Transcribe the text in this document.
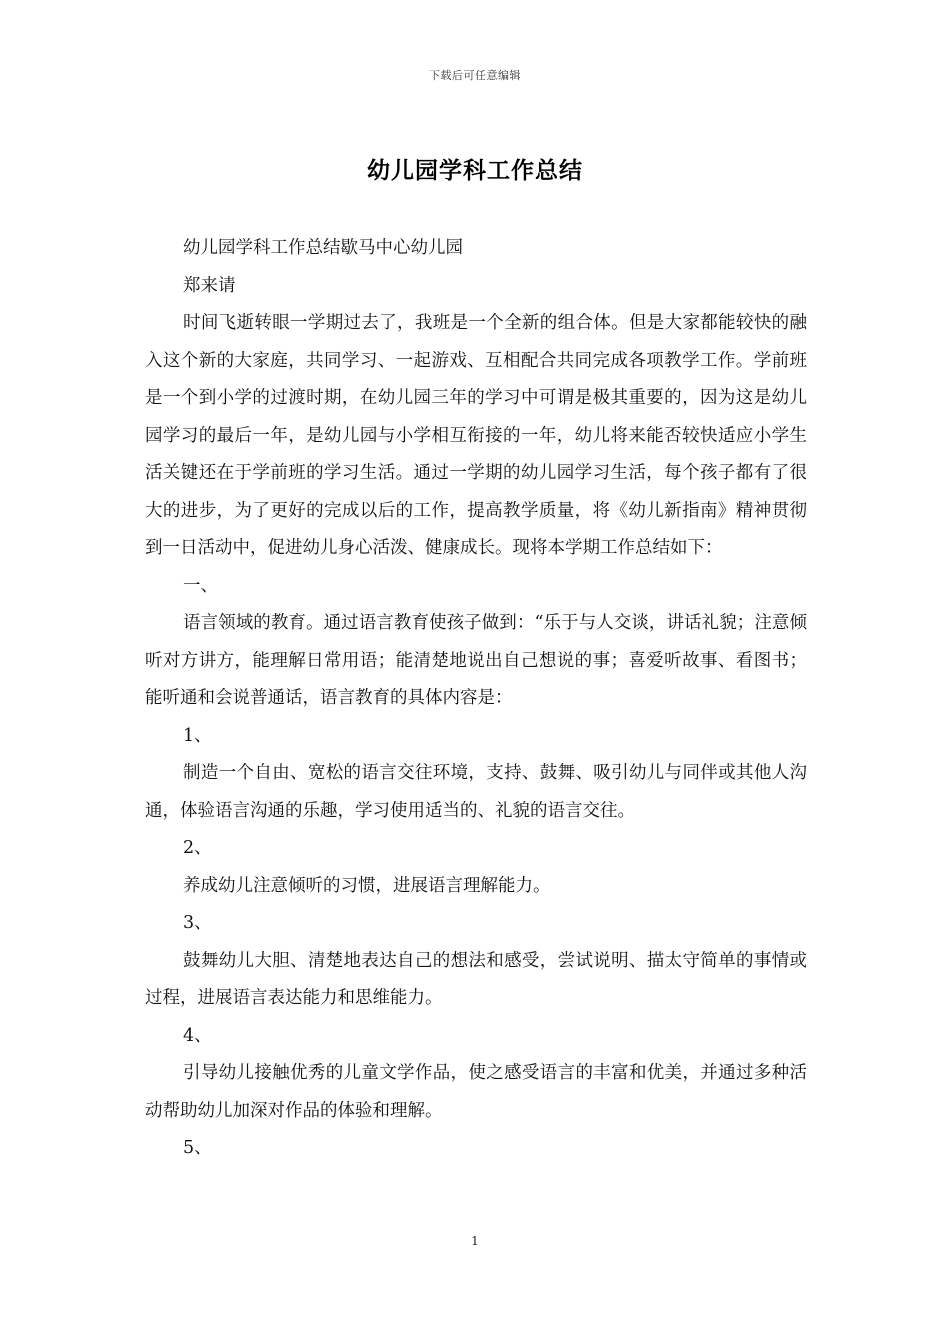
下载后可任意编辑
幼儿园学科工作总结

幼儿园学科工作总结歇马中心幼儿园

郑来请

时间飞逝转眼一学期过去了，我班是一个全新的组合体。但是大家都能较快的融入这个新的大家庭，共同学习、一起游戏、互相配合共同完成各项教学工作。学前班是一个到小学的过渡时期，在幼儿园三年的学习中可谓是极其重要的，因为这是幼儿园学习的最后一年，是幼儿园与小学相互衔接的一年，幼儿将来能否较快适应小学生活关键还在于学前班的学习生活。通过一学期的幼儿园学习生活，每个孩子都有了很大的进步，为了更好的完成以后的工作，提高教学质量，将《幼儿新指南》精神贯彻到一日活动中，促进幼儿身心活泼、健康成长。现将本学期工作总结如下：

一、

语言领域的教育。通过语言教育使孩子做到：“乐于与人交谈，讲话礼貌；注意倾听对方讲方，能理解日常用语；能清楚地说出自己想说的事；喜爱听故事、看图书；能听通和会说普通话，语言教育的具体内容是：

1、

制造一个自由、宽松的语言交往环境，支持、鼓舞、吸引幼儿与同伴或其他人沟通，体验语言沟通的乐趣，学习使用适当的、礼貌的语言交往。

2、

养成幼儿注意倾听的习惯，进展语言理解能力。

3、

鼓舞幼儿大胆、清楚地表达自己的想法和感受，尝试说明、描太守简单的事情或过程，进展语言表达能力和思维能力。

4、

引导幼儿接触优秀的儿童文学作品，使之感受语言的丰富和优美，并通过多种活动帮助幼儿加深对作品的体验和理解。

5、

1
